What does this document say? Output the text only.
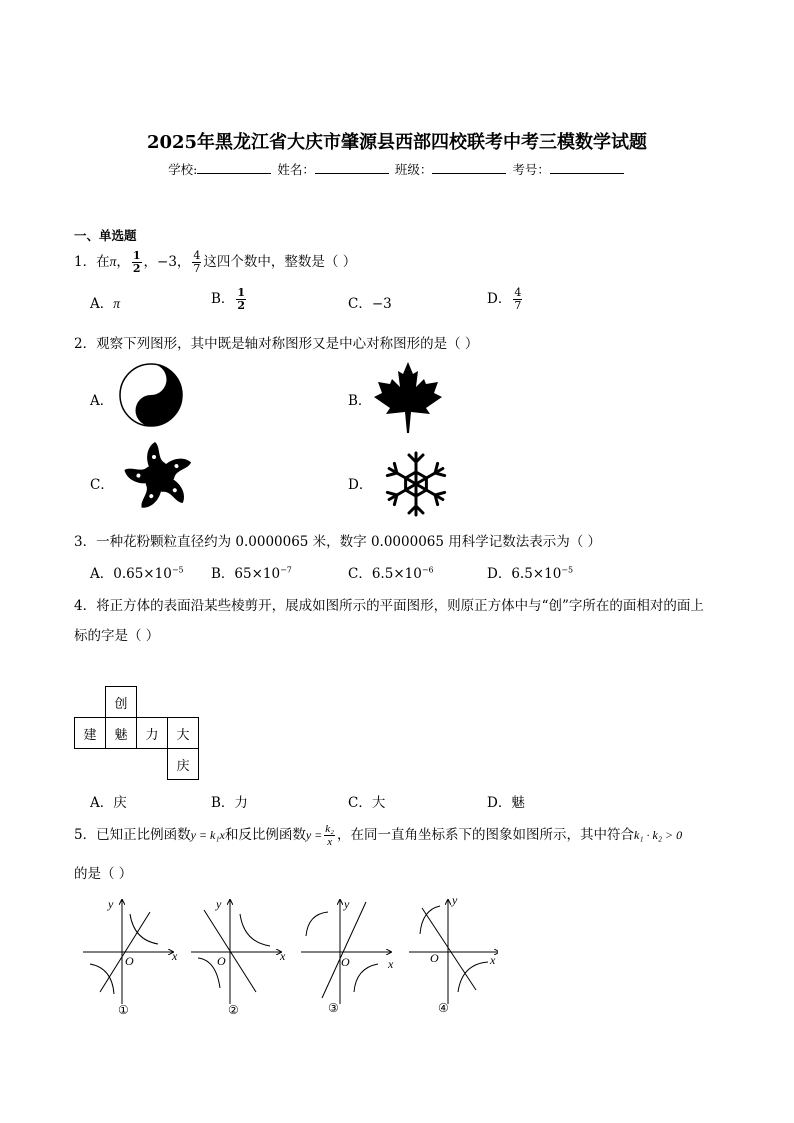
2025年黑龙江省大庆市肇源县西部四校联考中考三模数学试题
学校:	姓名：	班级：	考号：
一、单选题
1．在π， $\frac{1}{2}$ ，−3， $\frac{4}{7}$ 这四个数中，整数是（ ）
A．π	B． $\frac{1}{2}$	C．−3	D． $\frac{4}{7}$
2．观察下列图形，其中既是轴对称图形又是中心对称图形的是（ ）
A．	B．
C．	D．
3．一种花粉颗粒直径约为 0.0000065 米，数字 0.0000065 用科学记数法表示为（ ）
A．$0.65\times 10^{-5}$ B．$65\times 10^{-7}$	C．$6.5\times 10^{-6}$	D．$6.5\times 10^{-5}$
4．将正方体的表面沿某些棱剪开，展成如图所示的平面图形，则原正方体中与“创”字所在的面相对的面上
标的字是（ ）
	创		
建	魅	力	大
			庆
A．庆	B．力	C．大	D．魅
5．已知正比例函数y = k₁x和反比例函数$y = \frac{\text{k₂}}{x}$ ，在同一直角坐标系下的图象如图所示，其中符合k₁ · k₂ > 0
的是（ ）
y
x
O
y
x
O
y
x
O
y
x
O
①	②	③	④
